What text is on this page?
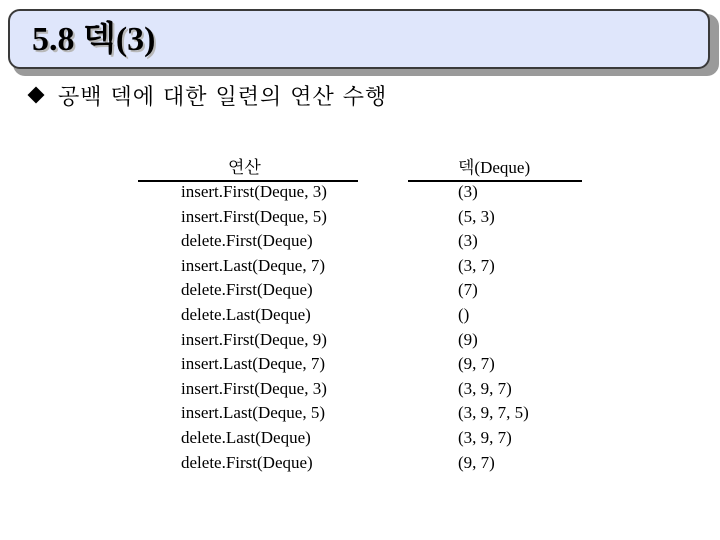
5.8 덱(3)
공백 덱에 대한 일련의 연산 수행
연산	덱(Deque)
insert.First(Deque, 3)	(3)
insert.First(Deque, 5)	(5, 3)
delete.First(Deque)	(3)
insert.Last(Deque, 7)	(3, 7)
delete.First(Deque)	(7)
delete.Last(Deque)	()
insert.First(Deque, 9)	(9)
insert.Last(Deque, 7)	(9, 7)
insert.First(Deque, 3)	(3, 9, 7)
insert.Last(Deque, 5)	(3, 9, 7, 5)
delete.Last(Deque)	(3, 9, 7)
delete.First(Deque)	(9, 7)
